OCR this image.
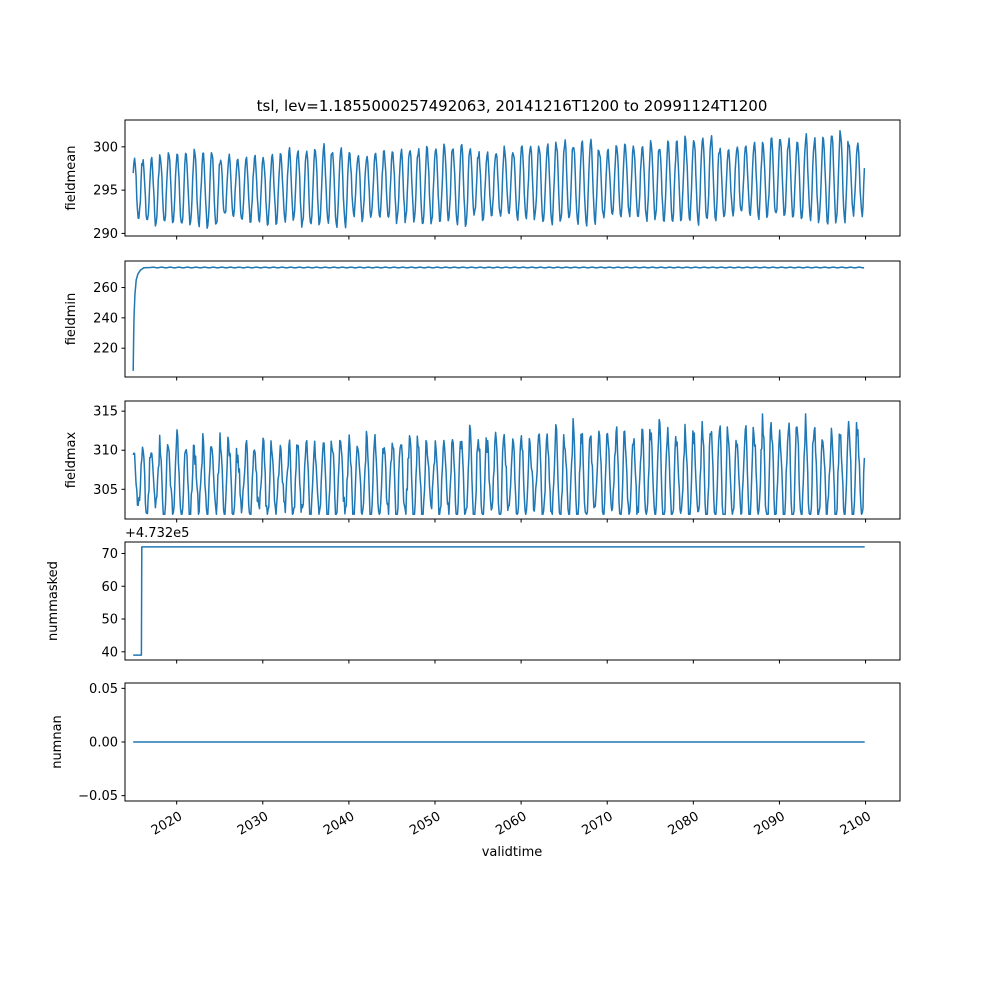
tsl, lev=1.1855000257492063, 20141216T1200 to 20991124T1200
validtime
290
295
300
fieldmean
220
240
260
fieldmin
305
310
315
fieldmax
40
50
60
70
nummasked
+4.732e5
−0.05
0.00
0.05
2020	2030	2040	2050	2060	2070	2080	2090	2100
numnan
